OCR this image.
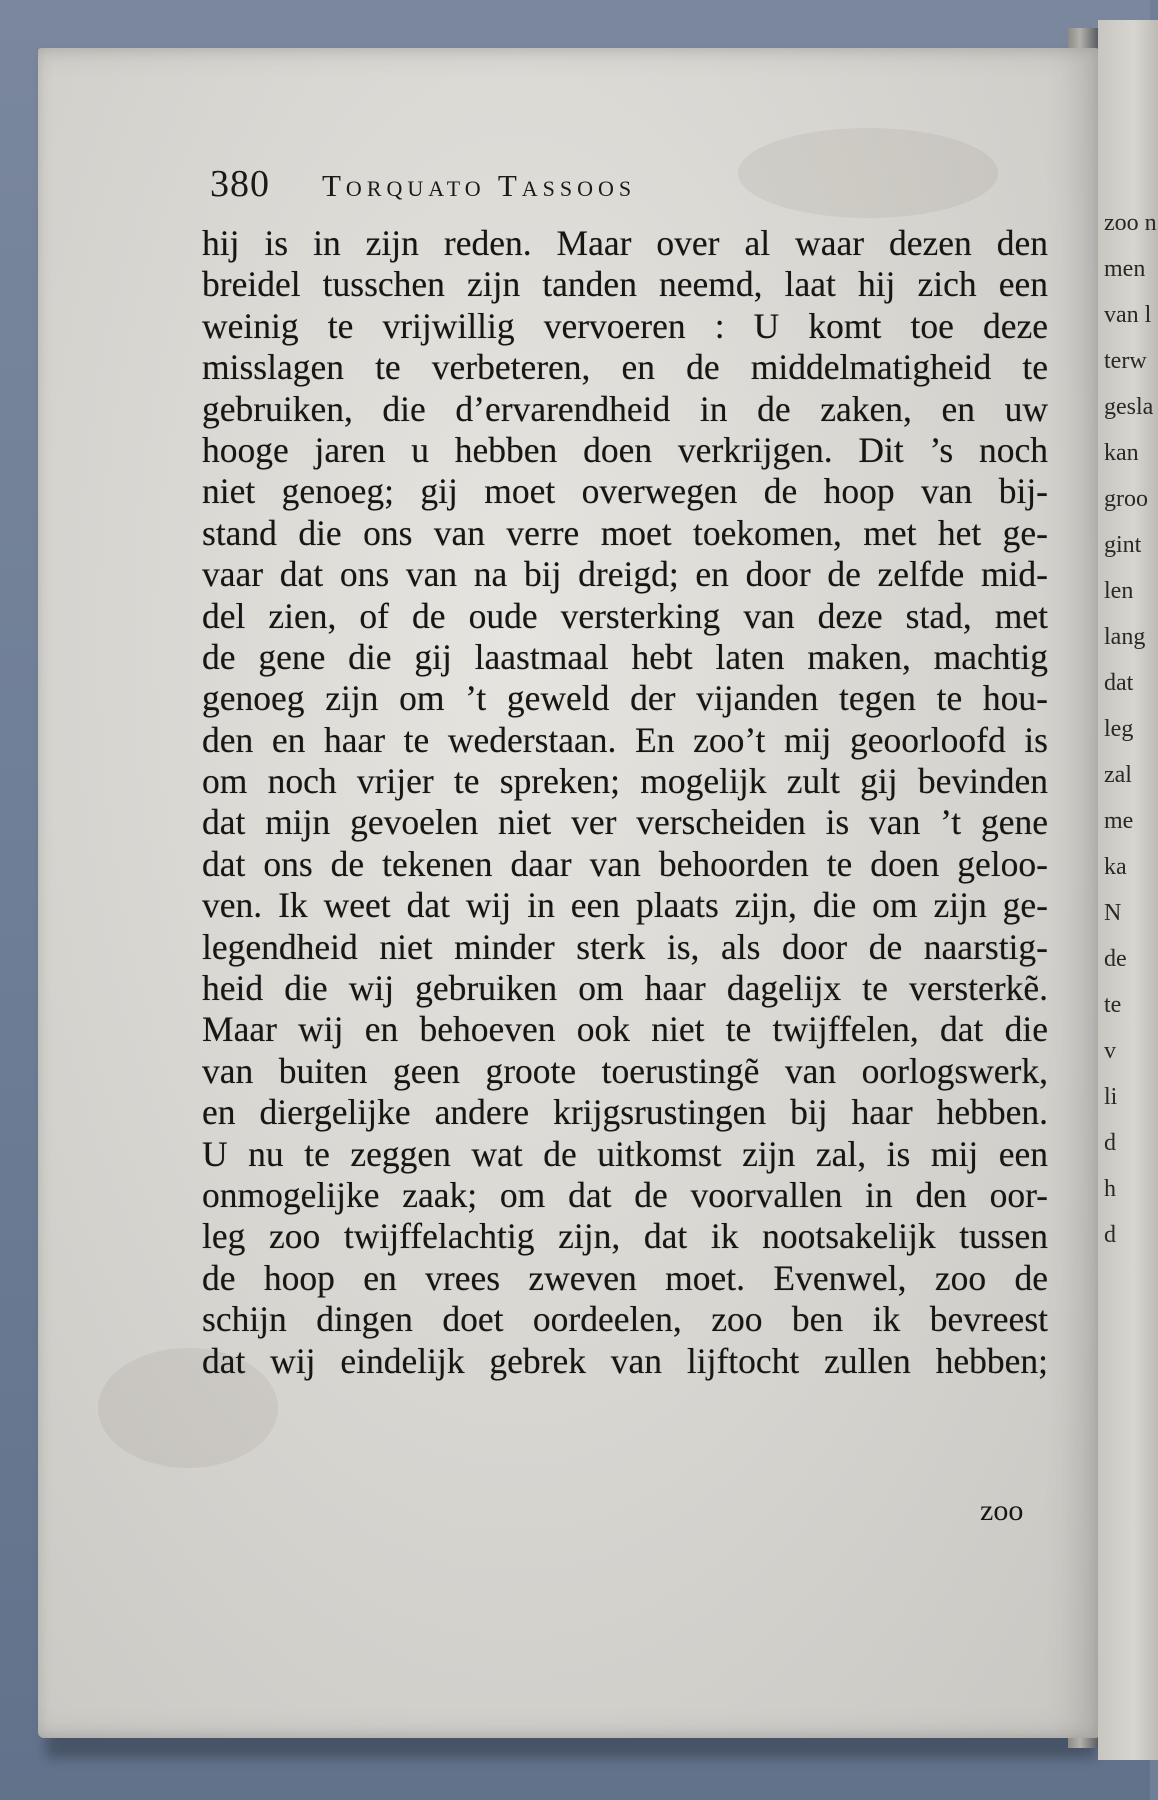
zoo n
men
van l
terw
gesla
kan
groo
gint
len
lang
dat
leg
zal
me
ka
N
de
te
v
li
d
h
d
380 Torquato Tassoos
hij is in zijn reden. Maar over al waar dezen den
breidel tusschen zijn tanden neemd, laat hij zich een
weinig te vrijwillig vervoeren : U komt toe deze
misslagen te verbeteren, en de middelmatigheid te
gebruiken, die d’ervarendheid in de zaken, en uw
hooge jaren u hebben doen verkrijgen. Dit ’s noch
niet genoeg; gij moet overwegen de hoop van bij-
stand die ons van verre moet toekomen, met het ge-
vaar dat ons van na bij dreigd; en door de zelfde mid-
del zien, of de oude versterking van deze stad, met
de gene die gij laastmaal hebt laten maken, machtig
genoeg zijn om ’t geweld der vijanden tegen te hou-
den en haar te wederstaan. En zoo’t mij geoorloofd is
om noch vrijer te spreken; mogelijk zult gij bevinden
dat mijn gevoelen niet ver verscheiden is van ’t gene
dat ons de tekenen daar van behoorden te doen geloo-
ven. Ik weet dat wij in een plaats zijn, die om zijn ge-
legendheid niet minder sterk is, als door de naarstig-
heid die wij gebruiken om haar dagelijx te versterkẽ.
Maar wij en behoeven ook niet te twijffelen, dat die
van buiten geen groote toerustingẽ van oorlogswerk,
en diergelijke andere krijgsrustingen bij haar hebben.
U nu te zeggen wat de uitkomst zijn zal, is mij een
onmogelijke zaak; om dat de voorvallen in den oor-
leg zoo twijffelachtig zijn, dat ik nootsakelijk tussen
de hoop en vrees zweven moet. Evenwel, zoo de
schijn dingen doet oordeelen, zoo ben ik bevreest
dat wij eindelijk gebrek van lijftocht zullen hebben;
zoo
